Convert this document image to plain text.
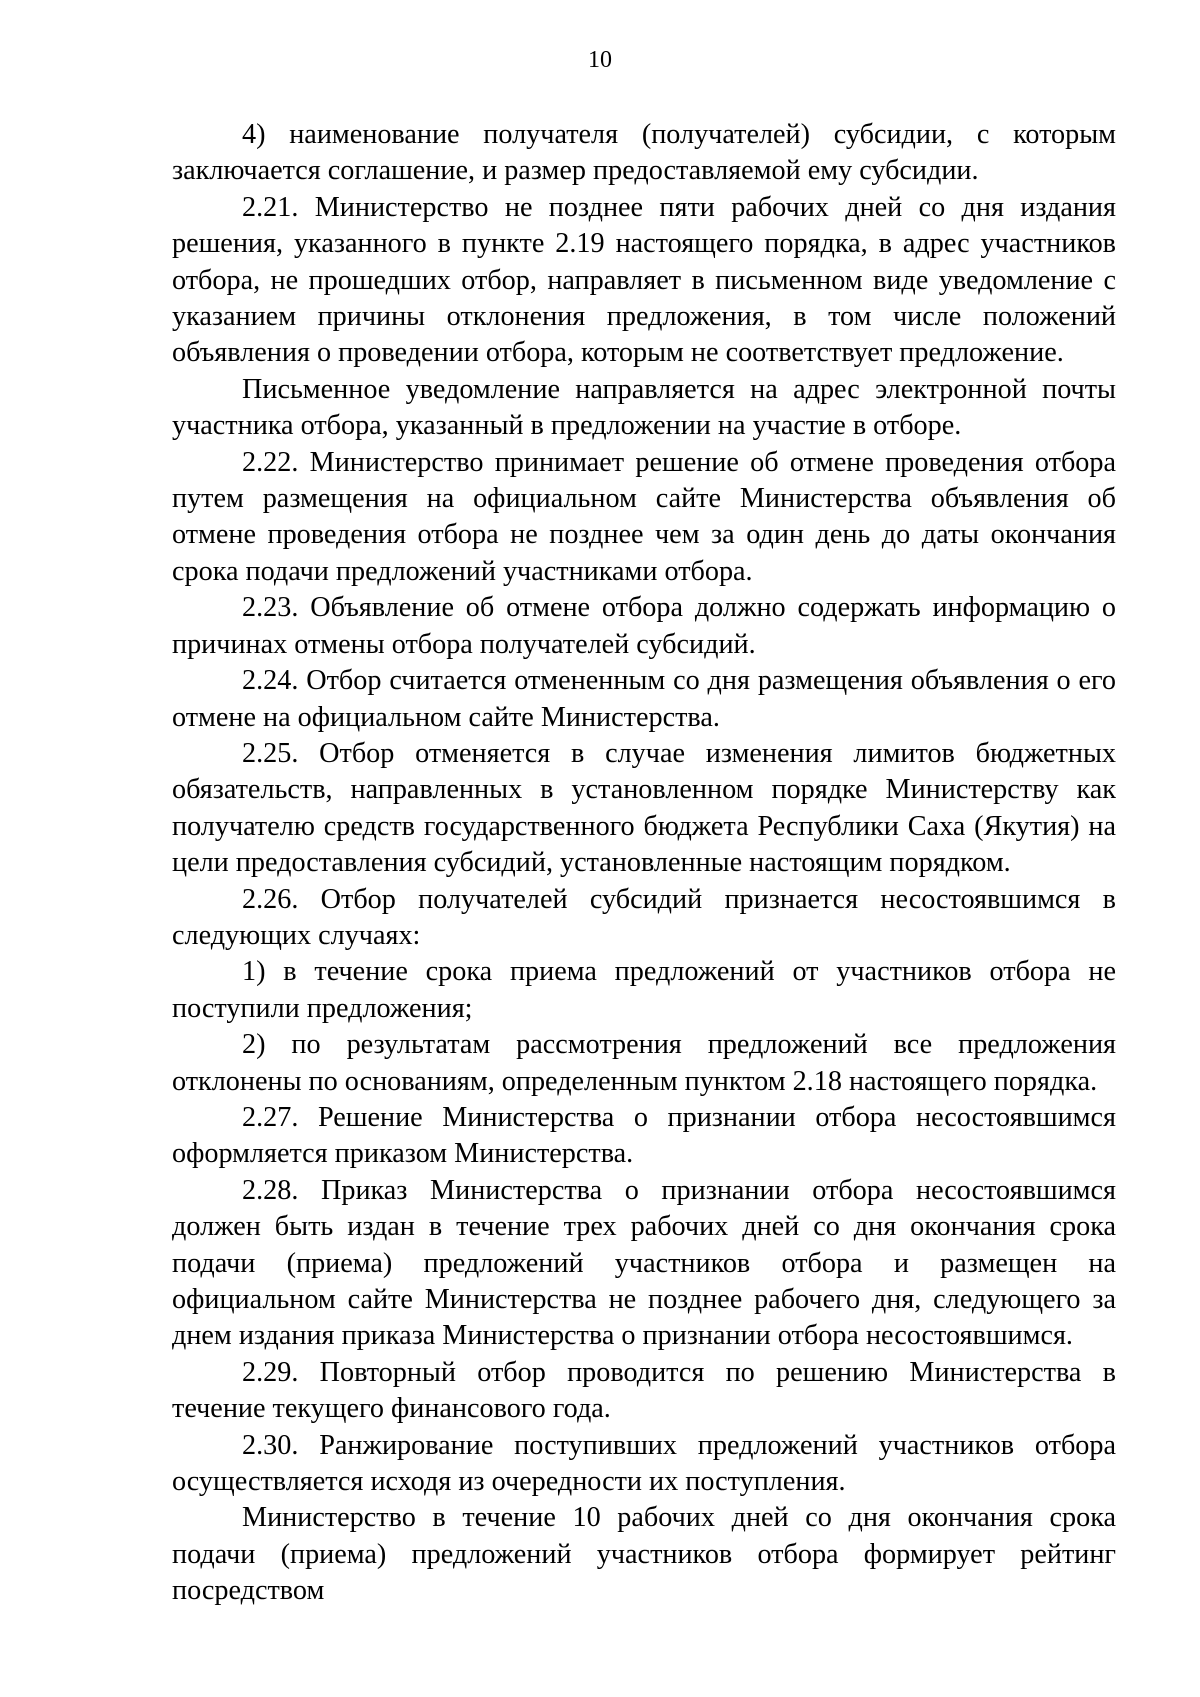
10

4) наименование получателя (получателей) субсидии, с которым заключается соглашение, и размер предоставляемой ему субсидии.

2.21. Министерство не позднее пяти рабочих дней со дня издания решения, указанного в пункте 2.19 настоящего порядка, в адрес участников отбора, не прошедших отбор, направляет в письменном виде уведомление с указанием причины отклонения предложения, в том числе положений объявления о проведении отбора, которым не соответствует предложение.

Письменное уведомление направляется на адрес электронной почты участника отбора, указанный в предложении на участие в отборе.

2.22. Министерство принимает решение об отмене проведения отбора путем размещения на официальном сайте Министерства объявления об отмене проведения отбора не позднее чем за один день до даты окончания срока подачи предложений участниками отбора.

2.23. Объявление об отмене отбора должно содержать информацию о причинах отмены отбора получателей субсидий.

2.24. Отбор считается отмененным со дня размещения объявления о его отмене на официальном сайте Министерства.

2.25. Отбор отменяется в случае изменения лимитов бюджетных обязательств, направленных в установленном порядке Министерству как получателю средств государственного бюджета Республики Саха (Якутия) на цели предоставления субсидий, установленные настоящим порядком.

2.26. Отбор получателей субсидий признается несостоявшимся в следующих случаях:

1) в течение срока приема предложений от участников отбора не поступили предложения;

2) по результатам рассмотрения предложений все предложения отклонены по основаниям, определенным пунктом 2.18 настоящего порядка.

2.27. Решение Министерства о признании отбора несостоявшимся оформляется приказом Министерства.

2.28. Приказ Министерства о признании отбора несостоявшимся должен быть издан в течение трех рабочих дней со дня окончания срока подачи (приема) предложений участников отбора и размещен на официальном сайте Министерства не позднее рабочего дня, следующего за днем издания приказа Министерства о признании отбора несостоявшимся.

2.29. Повторный отбор проводится по решению Министерства в течение текущего финансового года.

2.30. Ранжирование поступивших предложений участников отбора осуществляется исходя из очередности их поступления.

Министерство в течение 10 рабочих дней со дня окончания срока подачи (приема) предложений участников отбора формирует рейтинг посредством
